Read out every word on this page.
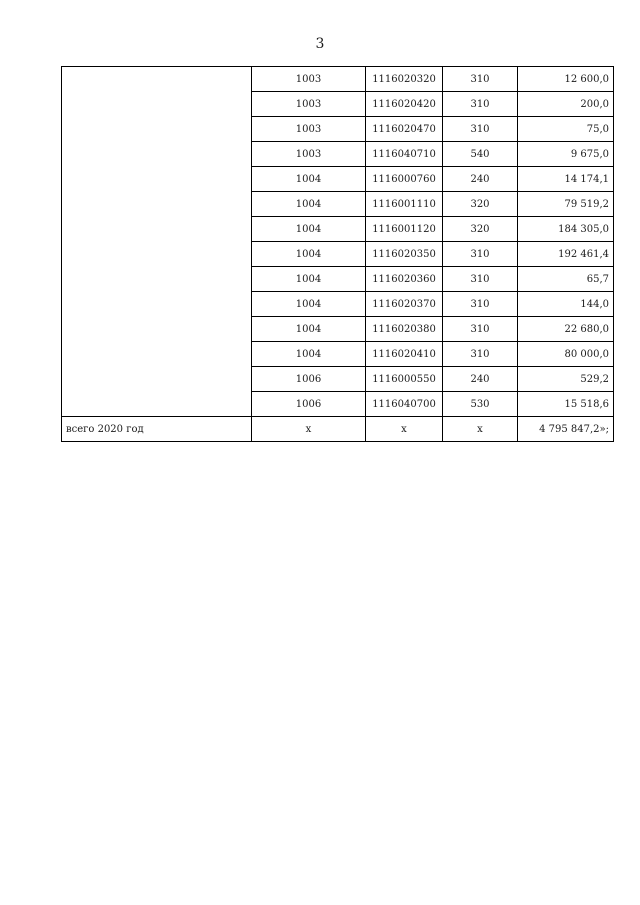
3
	1003	1116020320	310	12 600,0
	1003	1116020420	310	200,0
	1003	1116020470	310	75,0
	1003	1116040710	540	9 675,0
	1004	1116000760	240	14 174,1
	1004	1116001110	320	79 519,2
	1004	1116001120	320	184 305,0
	1004	1116020350	310	192 461,4
	1004	1116020360	310	65,7
	1004	1116020370	310	144,0
	1004	1116020380	310	22 680,0
	1004	1116020410	310	80 000,0
	1006	1116000550	240	529,2
	1006	1116040700	530	15 518,6
всего 2020 год	х	х	х	4 795 847,2»;
